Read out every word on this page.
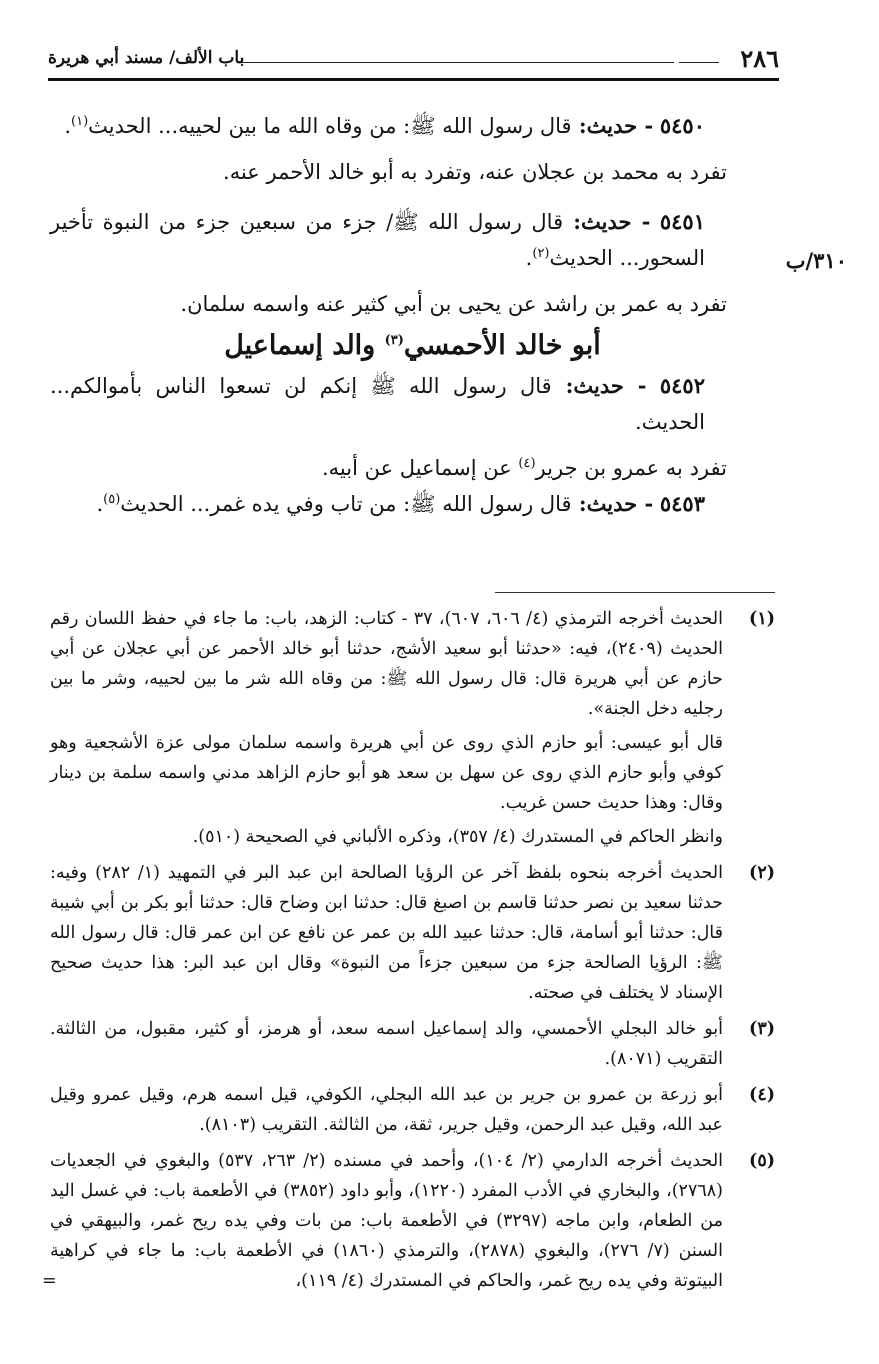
٢٨٦
باب الألف/ مسند أبي هريرة
٣١٠/ب

٥٤٥٠ - حديث: قال رسول الله ﷺ: من وقاه الله ما بين لحييه... الحديث$^{(١)}$.

تفرد به محمد بن عجلان عنه، وتفرد به أبو خالد الأحمر عنه.

٥٤٥١ - حديث: قال رسول الله ﷺ/ جزء من سبعين جزء من النبوة تأخير السحور... الحديث$^{(٢)}$.

تفرد به عمر بن راشد عن يحيى بن أبي كثير عنه واسمه سلمان.

أبو خالد الأحمسي$^{(٣)}$ والد إسماعيل

٥٤٥٢ - حديث: قال رسول الله ﷺ إنكم لن تسعوا الناس بأموالكم... الحديث.

تفرد به عمرو بن جرير$^{(٤)}$ عن إسماعيل عن أبيه.

٥٤٥٣ - حديث: قال رسول الله ﷺ: من تاب وفي يده غمر... الحديث$^{(٥)}$.

(١)

الحديث أخرجه الترمذي (٤/ ٦٠٦، ٦٠٧)، ٣٧ - كتاب: الزهد، باب: ما جاء في حفظ اللسان رقم الحديث (٢٤٠٩)، فيه: «حدثنا أبو سعيد الأشج، حدثنا أبو خالد الأحمر عن أبي عجلان عن أبي حازم عن أبي هريرة قال: قال رسول الله ﷺ: من وقاه الله شر ما بين لحييه، وشر ما بين رجليه دخل الجنة».

قال أبو عيسى: أبو حازم الذي روى عن أبي هريرة واسمه سلمان مولى عزة الأشجعية وهو كوفي وأبو حازم الذي روى عن سهل بن سعد هو أبو حازم الزاهد مدني واسمه سلمة بن دينار وقال: وهذا حديث حسن غريب.

وانظر الحاكم في المستدرك (٤/ ٣٥٧)، وذكره الألباني في الصحيحة (٥١٠).

(٢)

الحديث أخرجه بنحوه بلفظ آخر عن الرؤيا الصالحة ابن عبد البر في التمهيد (١/ ٢٨٢) وفيه: حدثنا سعيد بن نصر حدثنا قاسم بن اصبغ قال: حدثنا ابن وضاح قال: حدثنا أبو بكر بن أبي شيبة قال: حدثنا أبو أسامة، قال: حدثنا عبيد الله بن عمر عن نافع عن ابن عمر قال: قال رسول الله ﷺ: الرؤيا الصالحة جزء من سبعين جزءاً من النبوة» وقال ابن عبد البر: هذا حديث صحيح الإسناد لا يختلف في صحته.

(٣)

أبو خالد البجلي الأحمسي، والد إسماعيل اسمه سعد، أو هرمز، أو كثير، مقبول، من الثالثة. التقريب (٨٠٧١).

(٤)

أبو زرعة بن عمرو بن جرير بن عبد الله البجلي، الكوفي، قيل اسمه هرم، وقيل عمرو وقيل عبد الله، وقيل عبد الرحمن، وقيل جرير، ثقة، من الثالثة. التقريب (٨١٠٣).

(٥)

الحديث أخرجه الدارمي (٢/ ١٠٤)، وأحمد في مسنده (٢/ ٢٦٣، ٥٣٧) والبغوي في الجعديات (٢٧٦٨)، والبخاري في الأدب المفرد (١٢٢٠)، وأبو داود (٣٨٥٢) في الأطعمة باب: في غسل اليد من الطعام، وابن ماجه (٣٢٩٧) في الأطعمة باب: من بات وفي يده ريح غمر، والبيهقي في السنن (٧/ ٢٧٦)، والبغوي (٢٨٧٨)، والترمذي (١٨٦٠) في الأطعمة باب: ما جاء في كراهية البيتوتة وفي يده ريح غمر، والحاكم في المستدرك (٤/ ١١٩)،

=
